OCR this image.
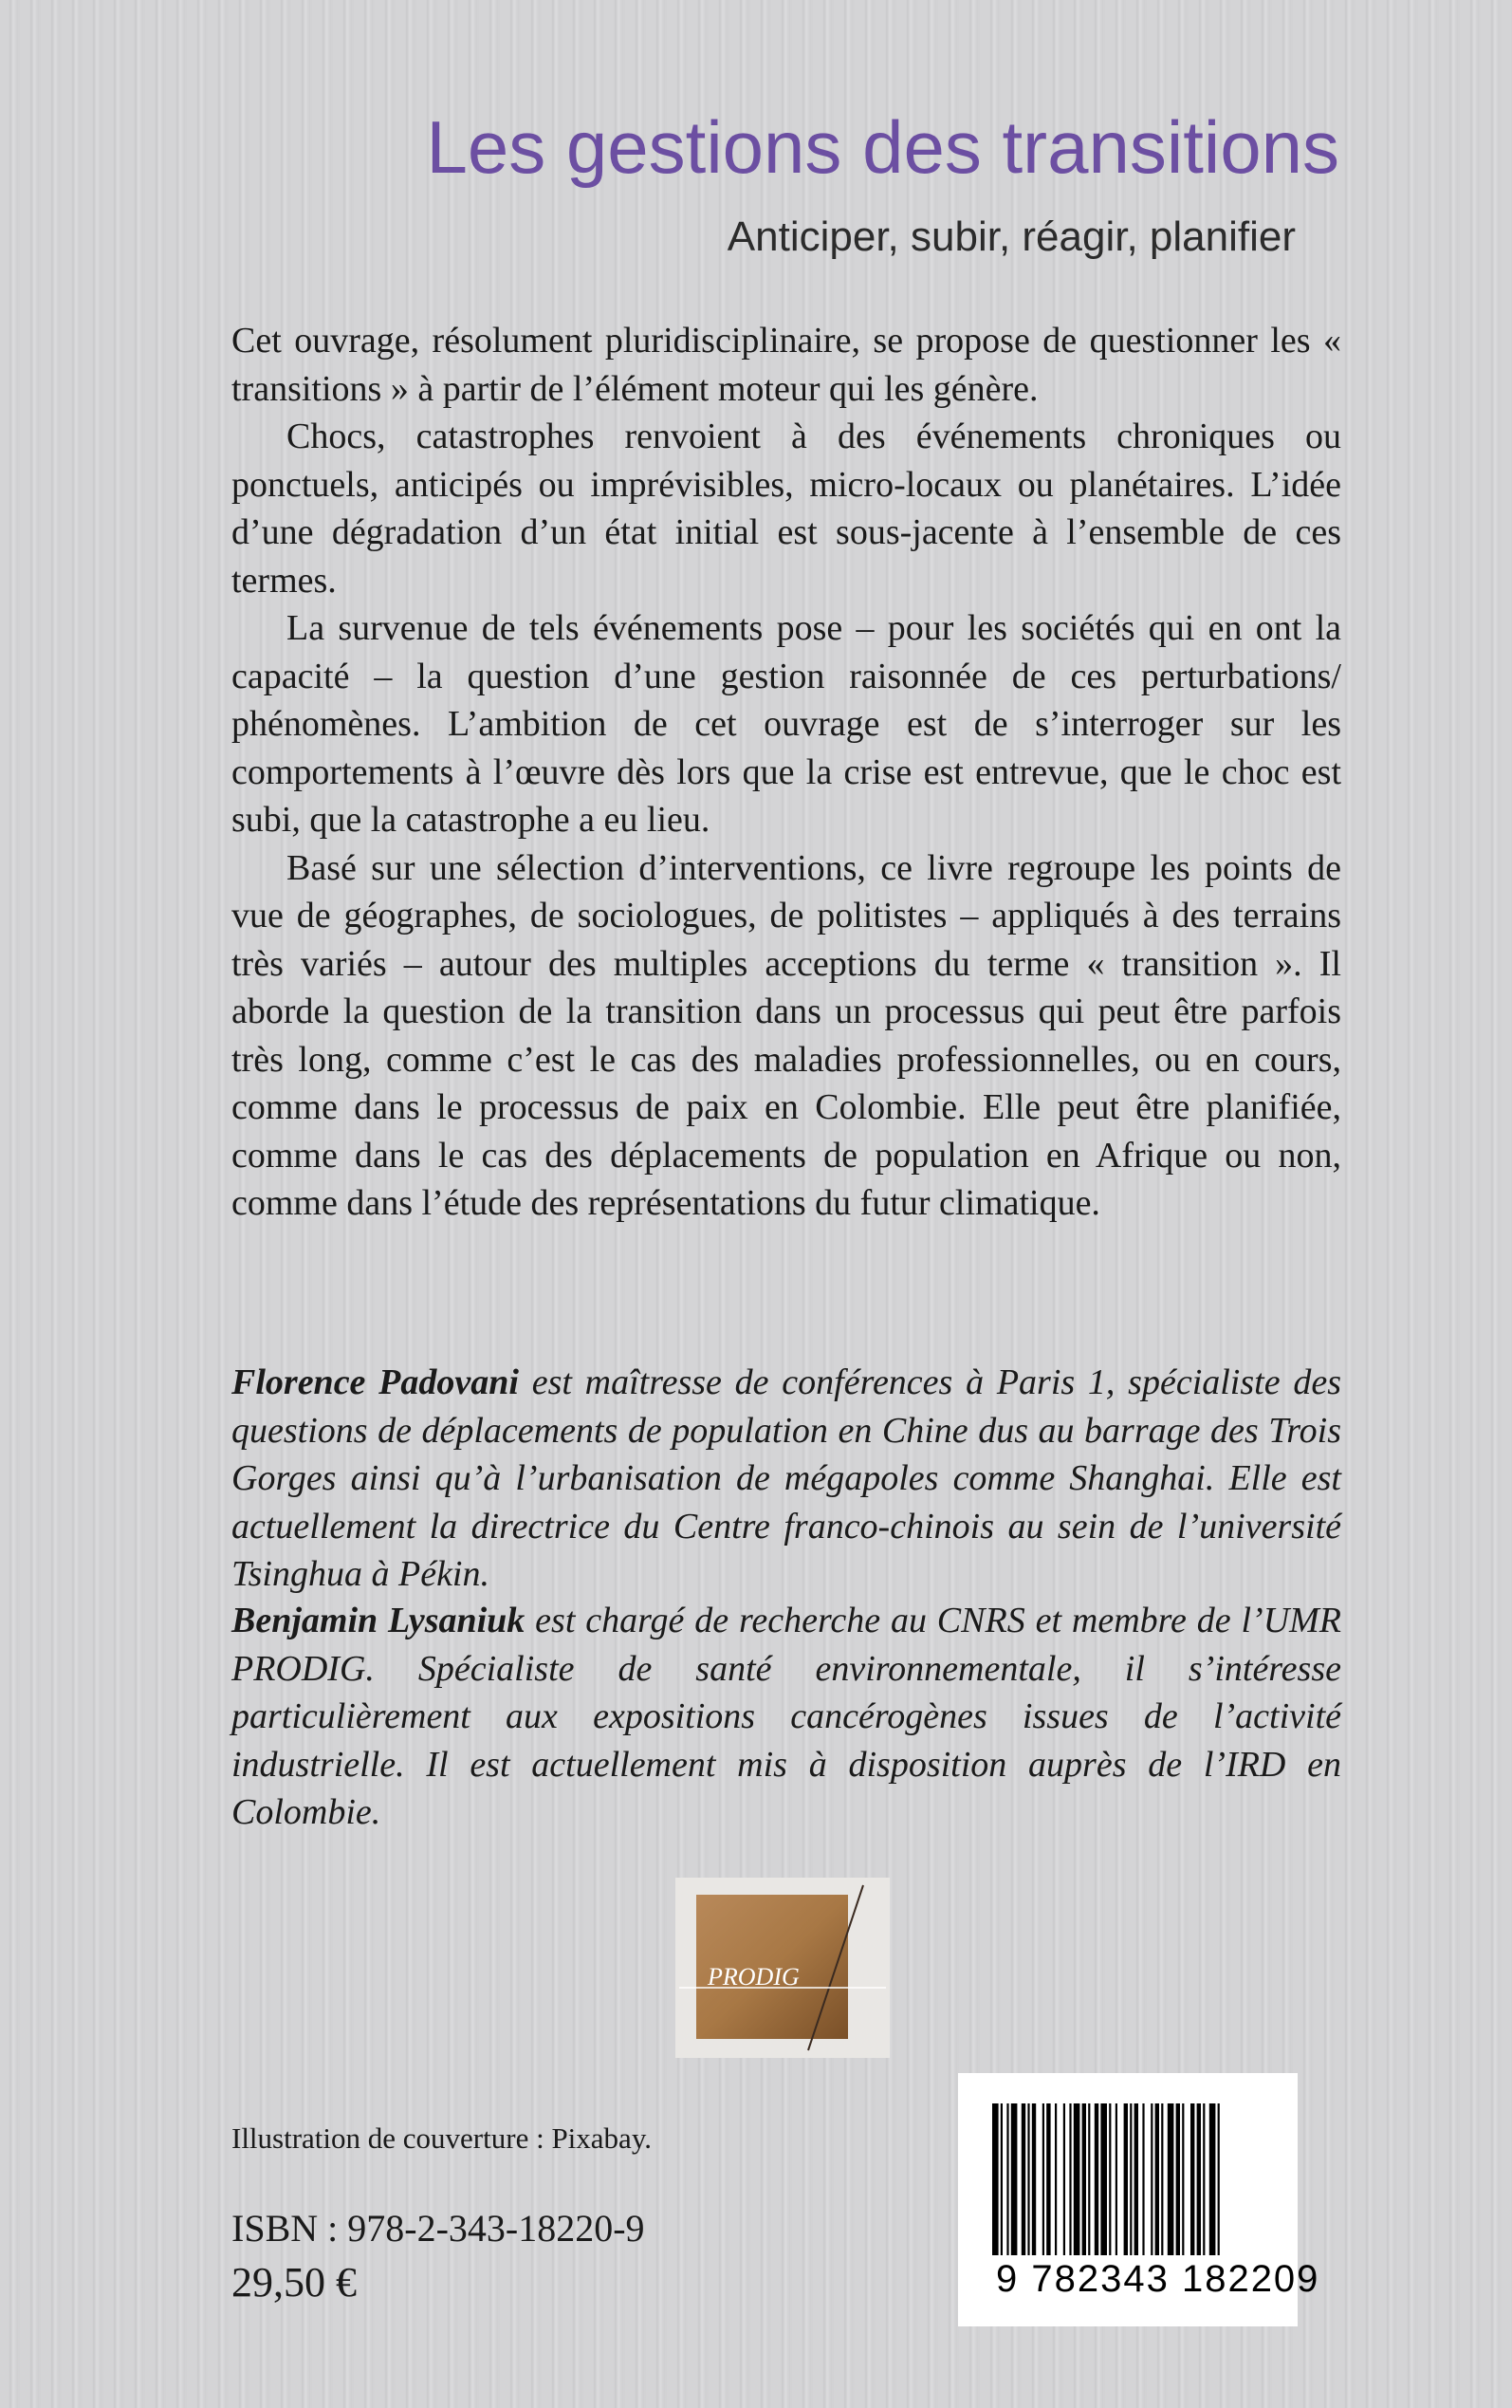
Les gestions des transitions
Anticiper, subir, réagir, planifier

Cet ouvrage, résolument pluridisciplinaire, se propose de questionner les « transitions » à partir de l’élément moteur qui les génère.

Chocs, catastrophes renvoient à des événements chroniques ou ponctuels, anticipés ou imprévisibles, micro-locaux ou planétaires. L’idée d’une dégradation d’un état initial est sous-jacente à l’ensemble de ces termes.

La survenue de tels événements pose – pour les sociétés qui en ont la capacité – la question d’une gestion raisonnée de ces perturbations/ phénomènes. L’ambition de cet ouvrage est de s’interroger sur les comportements à l’œuvre dès lors que la crise est entrevue, que le choc est subi, que la catastrophe a eu lieu.

Basé sur une sélection d’interventions, ce livre regroupe les points de vue de géographes, de sociologues, de politistes – appliqués à des terrains très variés – autour des multiples acceptions du terme « transition ». Il aborde la question de la transition dans un processus qui peut être parfois très long, comme c’est le cas des maladies professionnelles, ou en cours, comme dans le processus de paix en Colombie. Elle peut être planifiée, comme dans le cas des déplacements de population en Afrique ou non, comme dans l’étude des représentations du futur climatique.

Florence Padovani est maîtresse de conférences à Paris 1, spécialiste des questions de déplacements de population en Chine dus au barrage des Trois Gorges ainsi qu’à l’urbanisation de mégapoles comme Shanghai. Elle est actuellement la directrice du Centre franco-chinois au sein de l’université Tsinghua à Pékin.

Benjamin Lysaniuk est chargé de recherche au CNRS et membre de l’UMR PRODIG. Spécialiste de santé environnementale, il s’intéresse particulièrement aux expositions cancérogènes issues de l’activité industrielle. Il est actuellement mis à disposition auprès de l’IRD en Colombie.

PRODIG
Illustration de couverture : Pixabay.
ISBN : 978-2-343-18220-9
29,50 €	9 782343 182209
